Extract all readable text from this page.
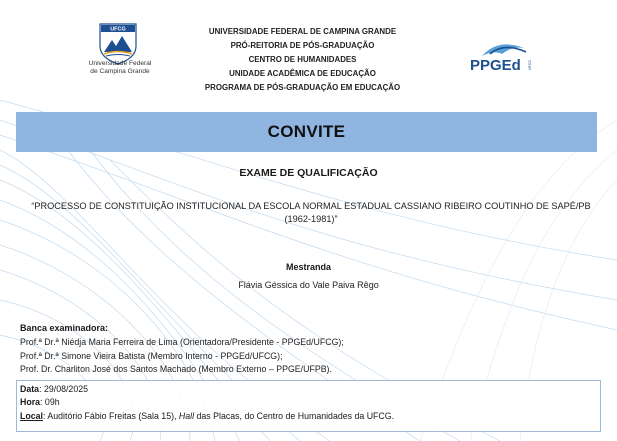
UFCG
Universidade Federal
de Campina Grande
UNIVERSIDADE FEDERAL DE CAMPINA GRANDE
PRÓ-REITORIA DE PÓS-GRADUAÇÃO
CENTRO DE HUMANIDADES
UNIDADE ACADÊMICA DE EDUCAÇÃO
PROGRAMA DE PÓS-GRADUAÇÃO EM EDUCAÇÃO
PPGEd UFCG
CONVITE
EXAME DE QUALIFICAÇÃO
“PROCESSO DE CONSTITUIÇÃO INSTITUCIONAL DA ESCOLA NORMAL ESTADUAL CASSIANO RIBEIRO COUTINHO DE SAPÉ/PB (1962-1981)”
Mestranda
Flávia Géssica do Vale Paiva Rêgo
Banca examinadora:
Prof.ª Dr.ª Niédja Maria Ferreira de Lima (Orientadora/Presidente - PPGEd/UFCG);
Prof.ª Dr.ª Simone Vieira Batista (Membro Interno - PPGEd/UFCG);
Prof. Dr. Charliton José dos Santos Machado (Membro Externo – PPGE/UFPB).
Data: 29/08/2025
Hora: 09h
Local: Auditório Fábio Freitas (Sala 15), Hall das Placas, do Centro de Humanidades da UFCG.
